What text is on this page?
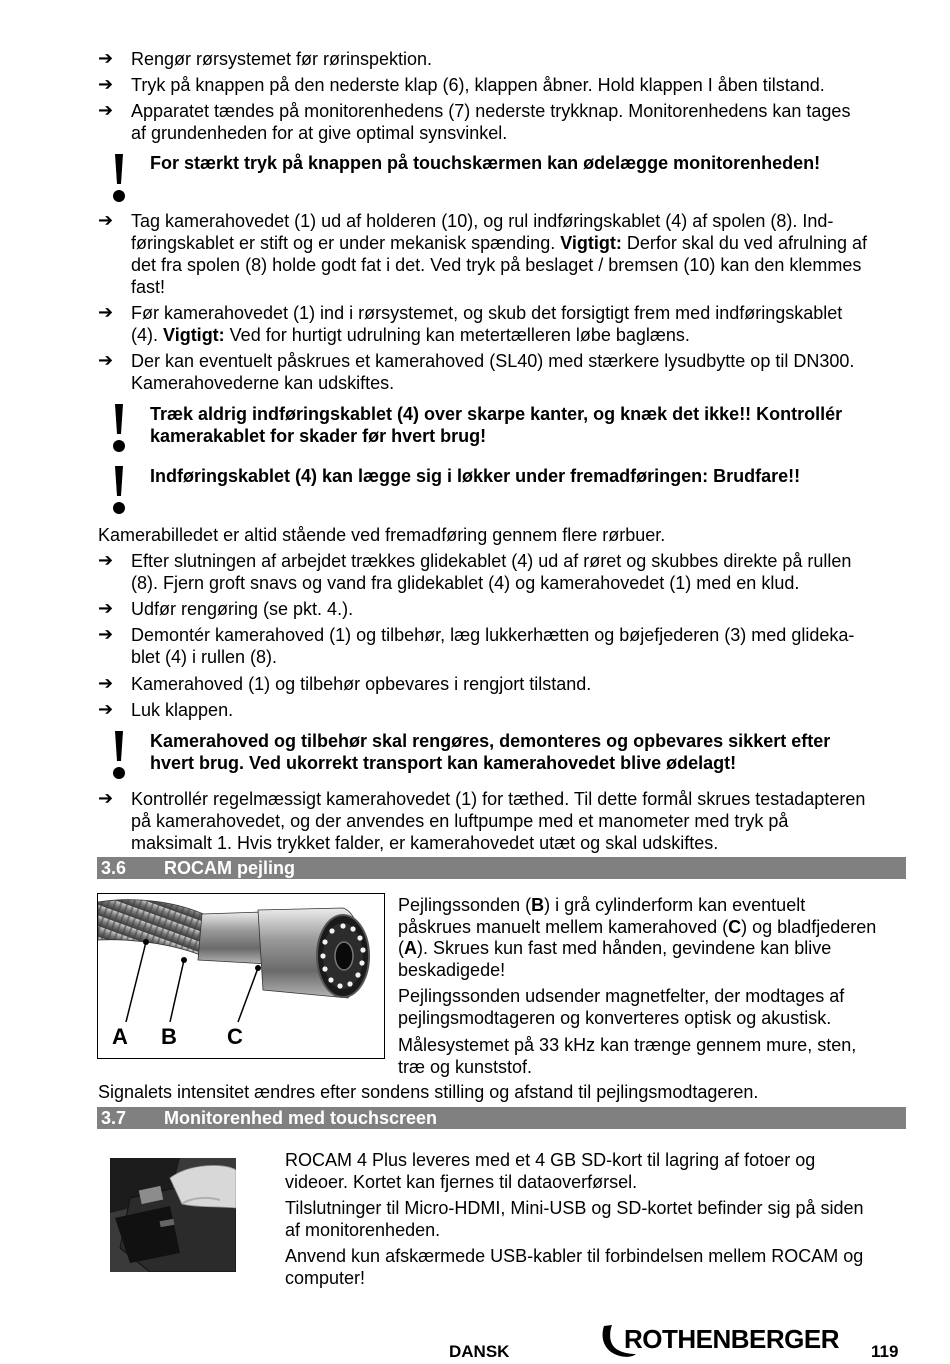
➔ Rengør rørsystemet før rørinspektion.
➔ Tryk på knappen på den nederste klap (6), klappen åbner. Hold klappen I åben tilstand.
➔ Apparatet tændes på monitorenhedens (7) nederste trykknap. Monitorenhedens kan tages
af grundenheden for at give optimal synsvinkel.
For stærkt tryk på knappen på touchskærmen kan ødelægge monitorenheden!
➔ Tag kamerahovedet (1) ud af holderen (10), og rul indføringskablet (4) af spolen (8). Ind-
føringskablet er stift og er under mekanisk spænding. Vigtigt: Derfor skal du ved afrulning af
det fra spolen (8) holde godt fat i det. Ved tryk på beslaget / bremsen (10) kan den klemmes
fast!
➔ Før kamerahovedet (1) ind i rørsystemet, og skub det forsigtigt frem med indføringskablet
(4). Vigtigt: Ved for hurtigt udrulning kan metertælleren løbe baglæns.
➔ Der kan eventuelt påskrues et kamerahoved (SL40) med stærkere lysudbytte op til DN300.
Kamerahovederne kan udskiftes.
Træk aldrig indføringskablet (4) over skarpe kanter, og knæk det ikke!! Kontrollér
kamerakablet for skader før hvert brug!
Indføringskablet (4) kan lægge sig i løkker under fremadføringen: Brudfare!!
Kamerabilledet er altid stående ved fremadføring gennem flere rørbuer.
➔ Efter slutningen af arbejdet trækkes glidekablet (4) ud af røret og skubbes direkte på rullen
(8). Fjern groft snavs og vand fra glidekablet (4) og kamerahovedet (1) med en klud.
➔ Udfør rengøring (se pkt. 4.).
➔ Demontér kamerahoved (1) og tilbehør, læg lukkerhætten og bøjefjederen (3) med glideka-
blet (4) i rullen (8).
➔ Kamerahoved (1) og tilbehør opbevares i rengjort tilstand.
➔ Luk klappen.
Kamerahoved og tilbehør skal rengøres, demonteres og opbevares sikkert efter
hvert brug. Ved ukorrekt transport kan kamerahovedet blive ødelagt!
➔ Kontrollér regelmæssigt kamerahovedet (1) for tæthed. Til dette formål skrues testadapteren
på kamerahovedet, og der anvendes en luftpumpe med et manometer med tryk på
maksimalt 1. Hvis trykket falder, er kamerahovedet utæt og skal udskiftes.
3.6 ROCAM pejling
A B C
Pejlingssonden (B) i grå cylinderform kan eventuelt
påskrues manuelt mellem kamerahoved (C) og bladfjederen
(A). Skrues kun fast med hånden, gevindene kan blive
beskadigede!
Pejlingssonden udsender magnetfelter, der modtages af
pejlingsmodtageren og konverteres optisk og akustisk.
Målesystemet på 33 kHz kan trænge gennem mure, sten,
træ og kunststof.
Signalets intensitet ændres efter sondens stilling og afstand til pejlingsmodtageren.
3.7 Monitorenhed med touchscreen
ROCAM 4 Plus leveres med et 4 GB SD-kort til lagring af fotoer og
videoer. Kortet kan fjernes til dataoverførsel.
Tilslutninger til Micro-HDMI, Mini-USB og SD-kortet befinder sig på siden
af monitorenheden.
Anvend kun afskærmede USB-kabler til forbindelsen mellem ROCAM og
computer!
DANSK	ROTHENBERGER 119
